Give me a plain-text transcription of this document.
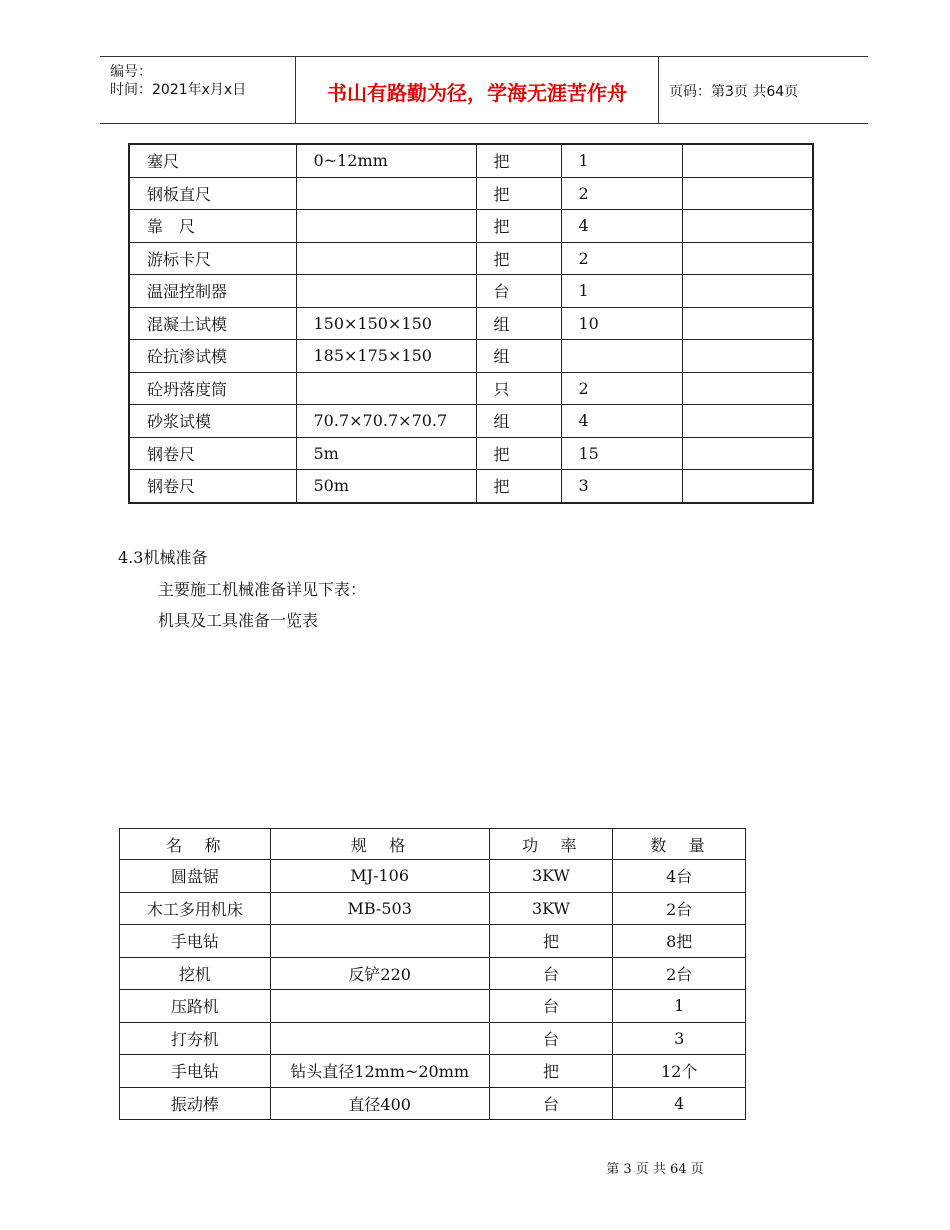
编号：
时间：2021年x月x日	书山有路勤为径，学海无涯苦作舟	页码：第3页 共64页
塞尺	0~12mm	把	1	
钢板直尺		把	2	
靠　尺		把	4	
游标卡尺		把	2	
温湿控制器		台	1	
混凝土试模	150×150×150	组	10	
砼抗渗试模	185×175×150	组		
砼坍落度筒		只	2	
砂浆试模	70.7×70.7×70.7	组	4	
钢卷尺	5m	把	15	
钢卷尺	50m	把	3	
4.3机械准备
主要施工机械准备详见下表：
机具及工具准备一览表
名　称	规　格	功　率	数　量
圆盘锯	MJ-106	3KW	4台
木工多用机床	MB-503	3KW	2台
手电钻		把	8把
挖机	反铲220	台	2台
压路机		台	1
打夯机		台	3
手电钻	钻头直径12mm~20mm	把	12个
振动棒	直径400	台	4
第 3 页 共 64 页
